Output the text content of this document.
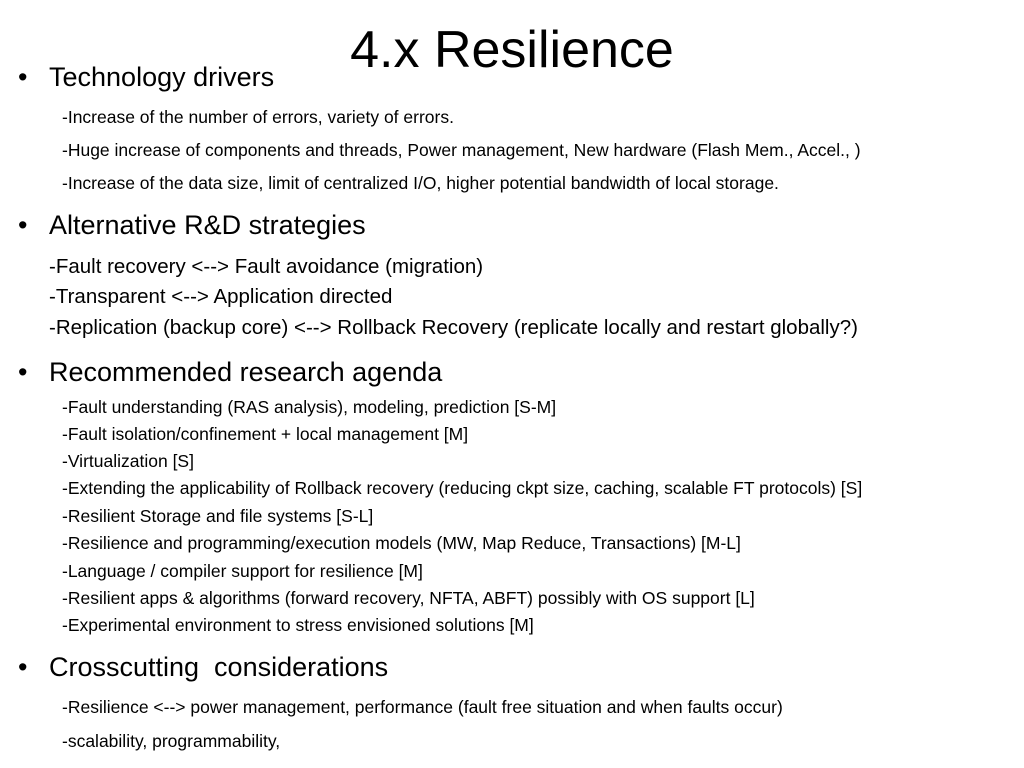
4.x Resilience
• Technology drivers
-Increase of the number of errors, variety of errors.
-Huge increase of components and threads, Power management, New hardware (Flash Mem., Accel., )
-Increase of the data size, limit of centralized I/O, higher potential bandwidth of local storage.
• Alternative R&D strategies
-Fault recovery <--> Fault avoidance (migration)
-Transparent <--> Application directed
-Replication (backup core) <--> Rollback Recovery (replicate locally and restart globally?)
• Recommended research agenda
-Fault understanding (RAS analysis), modeling, prediction [S-M]
-Fault isolation/confinement + local management [M]
-Virtualization [S]
-Extending the applicability of Rollback recovery (reducing ckpt size, caching, scalable FT protocols) [S]
-Resilient Storage and file systems [S-L]
-Resilience and programming/execution models (MW, Map Reduce, Transactions) [M-L]
-Language / compiler support for resilience [M]
-Resilient apps & algorithms (forward recovery, NFTA, ABFT) possibly with OS support [L]
-Experimental environment to stress envisioned solutions [M]
• Crosscutting  considerations
-Resilience <--> power management, performance (fault free situation and when faults occur)
-scalability, programmability,
